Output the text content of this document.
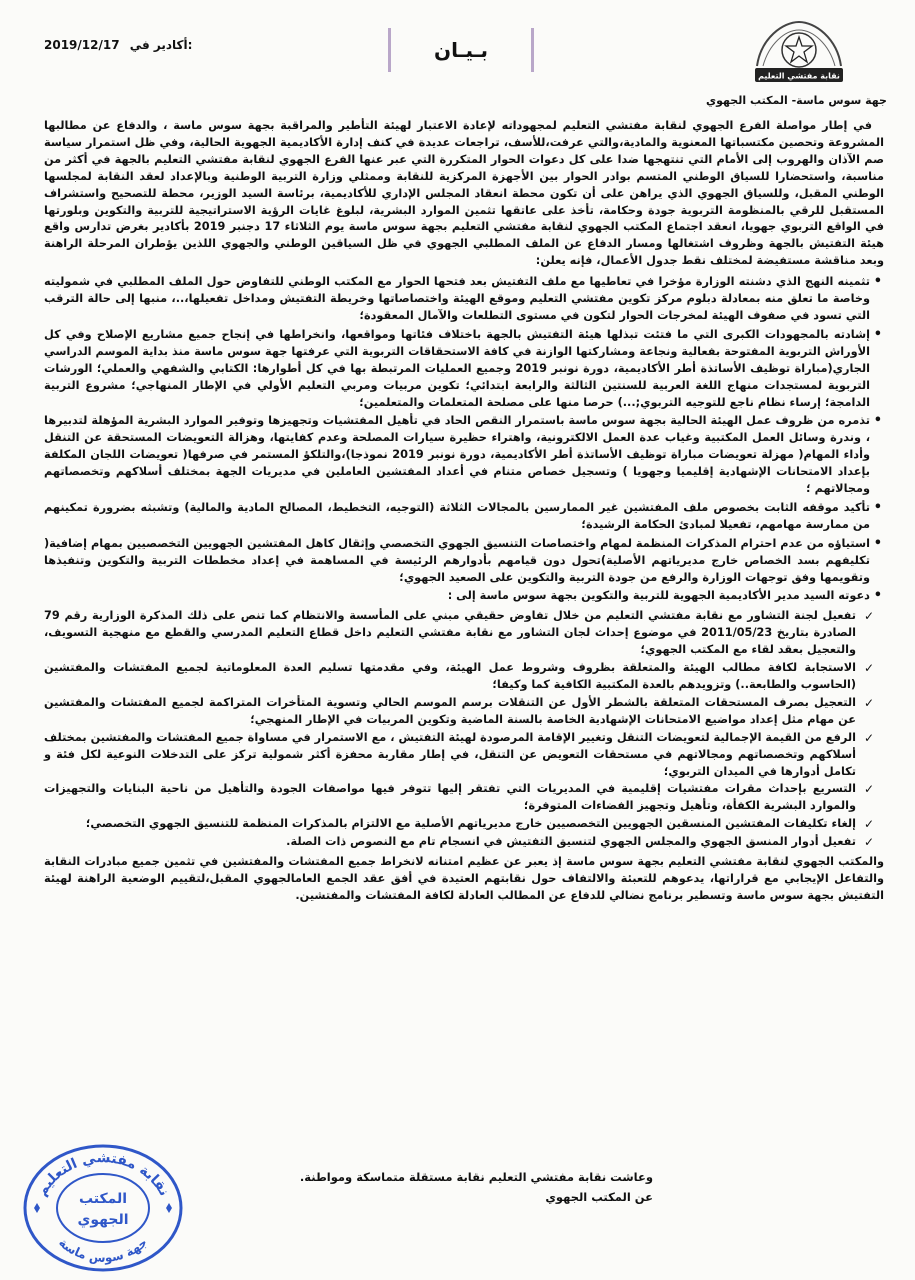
2019/12/17 أكادير في:	بـيـان
نقابة مفتشي التعليم
جهة سوس ماسة- المكتب الجهوي

في إطار مواصلة الفرع الجهوي لنقابة مفتشي التعليم لمجهوداته لإعادة الاعتبار لهيئة التأطير والمراقبة بجهة سوس ماسة ، والدفاع عن مطالبها المشروعة وتحصين مكتسباتها المعنوية والمادية،والتي عرفت،للأسف، تراجعات عديدة في كنف إدارة الأكاديمية الجهوية الحالية، وفي ظل استمرار سياسة صم الآذان والهروب إلى الأمام التي تنتهجها ضدا على كل دعوات الحوار المتكررة التي عبر عنها الفرع الجهوي لنقابة مفتشي التعليم بالجهة في أكثر من مناسبة، واستحضارا للسياق الوطني المتسم بوادر الحوار بين الأجهزة المركزية للنقابة وممثلي وزارة التربية الوطنية وبالإعداد لعقد النقابة لمجلسها الوطني المقبل، وللسياق الجهوي الذي يراهن على أن تكون محطة انعقاد المجلس الإداري للأكاديمية، برئاسة السيد الوزير، محطة للتصحيح واستشراف المستقبل للرقي بالمنظومة التربوية جودة وحكامة، تأخذ على عاتقها تثمين الموارد البشرية، لبلوغ غايات الرؤية الاستراتيجية للتربية والتكوين وبلورتها في الواقع التربوي جهويا، انعقد اجتماع المكتب الجهوي لنقابة مفتشي التعليم بجهة سوس ماسة يوم الثلاثاء 17 دجنبر 2019 بأكادير بغرض تدارس واقع هيئة التفتيش بالجهة وظروف اشتغالها ومسار الدفاع عن الملف المطلبي الجهوي في ظل السياقين الوطني والجهوي اللذين يؤطران المرحلة الراهنة وبعد مناقشة مستفيضة لمختلف نقط جدول الأعمال، فإنه يعلن:

• تثمينه النهج الذي دشنته الوزارة مؤخرا في تعاطيها مع ملف التفتيش بعد فتحها الحوار مع المكتب الوطني للتفاوض حول الملف المطلبي في شموليته وخاصة ما تعلق منه بمعادلة دبلوم مركز تكوين مفتشي التعليم وموقع الهيئة واختصاصاتها وخريطة التفتيش ومداخل تفعيلها،..، منبها إلى حالة الترقب التي تسود في صفوف الهيئة لمخرجات الحوار لتكون في مستوى التطلعات والآمال المعقودة؛
• إشادته بالمجهودات الكبرى التي ما فتئت تبذلها هيئة التفتيش بالجهة باختلاف فئاتها ومواقعها، وانخراطها في إنجاح جميع مشاريع الإصلاح وفي كل الأوراش التربوية المفتوحة بفعالية ونجاعة ومشاركتها الوازنة في كافة الاستحقاقات التربوية التي عرفتها جهة سوس ماسة منذ بداية الموسم الدراسي الجاري(مباراة توظيف الأساتذة أطر الأكاديمية، دورة نونبر 2019 وجميع العمليات المرتبطة بها في كل أطوارها: الكتابي والشفهي والعملي؛ الورشات التربوية لمستجدات منهاج اللغة العربية للسنتين الثالثة والرابعة ابتدائي؛ تكوين مربيات ومربي التعليم الأولي في الإطار المنهاجي؛ مشروع التربية الدامجة؛ إرساء نظام ناجع للتوجيه التربوي;...) حرصا منها على مصلحة المتعلمات والمتعلمين؛
• تذمره من ظروف عمل الهيئة الحالية بجهة سوس ماسة باستمرار النقص الحاد في تأهيل المفتشيات وتجهيزها وتوفير الموارد البشرية المؤهلة لتدبيرها ، وندرة وسائل العمل المكتبية وغياب عدة العمل الالكترونية، واهتراء حظيرة سيارات المصلحة وعدم كفايتها، وهزالة التعويضات المستحقة عن التنقل وأداء المهام( مهزلة تعويضات مباراة توظيف الأساتذة أطر الأكاديمية، دورة نونبر 2019 نموذجا)،والتلكؤ المستمر في صرفها( تعويضات اللجان المكلفة بإعداد الامتحانات الإشهادية إقليميا وجهويا ) وتسجيل خصاص متنام في أعداد المفتشين العاملين في مديريات الجهة بمختلف أسلاكهم وتخصصاتهم ومجالاتهم ؛
• تأكيد موقفه الثابت بخصوص ملف المفتشين غير الممارسين بالمجالات الثلاثة (التوجيه، التخطيط، المصالح المادية والمالية) وتشبثه بضرورة تمكينهم من ممارسة مهامهم، تفعيلا لمبادئ الحكامة الرشيدة؛
• استياؤه من عدم احترام المذكرات المنظمة لمهام واختصاصات التنسيق الجهوي التخصصي وإثقال كاهل المفتشين الجهويين التخصصيين بمهام إضافية( تكليفهم بسد الخصاص خارج مديرياتهم الأصلية)تحول دون قيامهم بأدوارهم الرئيسة في المساهمة في إعداد مخططات التربية والتكوين وتنفيذها وتقويمها وفق توجهات الوزارة والرفع من جودة التربية والتكوين على الصعيد الجهوي؛
• دعوته السيد مدير الأكاديمية الجهوية للتربية والتكوين بجهة سوس ماسة إلى :
✓ تفعيل لجنة التشاور مع نقابة مفتشي التعليم من خلال تفاوض حقيقي مبني على المأسسة والانتظام كما تنص على ذلك المذكرة الوزارية رقم 79 الصادرة بتاريخ 2011/05/23 في موضوع إحداث لجان التشاور مع نقابة مفتشي التعليم داخل قطاع التعليم المدرسي والقطع مع منهجية التسويف، والتعجيل بعقد لقاء مع المكتب الجهوي؛
✓ الاستجابة لكافة مطالب الهيئة والمتعلقة بظروف وشروط عمل الهيئة، وفي مقدمتها تسليم العدة المعلوماتية لجميع المفتشات والمفتشين (الحاسوب والطابعة..) وتزويدهم بالعدة المكتبية الكافية كما وكيفا؛
✓ التعجيل بصرف المستحقات المتعلقة بالشطر الأول عن التنقلات برسم الموسم الحالي وتسوية المتأخرات المتراكمة لجميع المفتشات والمفتشين عن مهام مثل إعداد مواضيع الامتحانات الإشهادية الخاصة بالسنة الماضية وتكوين المربيات في الإطار المنهجي؛
✓ الرفع من القيمة الإجمالية لتعويضات التنقل وتغيير الإقامة المرصودة لهيئة التفتيش ، مع الاستمرار في مساواة جميع المفتشات والمفتشين بمختلف أسلاكهم وتخصصاتهم ومجالاتهم في مستحقات التعويض عن التنقل، في إطار مقاربة محفزة أكثر شمولية تركز على التدخلات النوعية لكل فئة و تكامل أدوارها في الميدان التربوي؛
✓ التسريع بإحداث مقرات مفتشيات إقليمية في المديريات التي تفتقر إليها تتوفر فيها مواصفات الجودة والتأهيل من ناحية البنايات والتجهيزات والموارد البشرية الكفأة، وتأهيل وتجهيز الفضاءات المتوفرة؛
✓ إلغاء تكليفات المفتشين المنسقين الجهويين التخصصيين خارج مديرياتهم الأصلية مع الالتزام بالمذكرات المنظمة للتنسيق الجهوي التخصصي؛
✓ تفعيل أدوار المنسق الجهوي والمجلس الجهوي لتنسيق التفتيش في انسجام تام مع النصوص ذات الصلة.

والمكتب الجهوي لنقابة مفتشي التعليم بجهة سوس ماسة إذ يعبر عن عظيم امتنانه لانخراط جميع المفتشات والمفتشين في تثمين جميع مبادرات النقابة والتفاعل الإيجابي مع قراراتها، يدعوهم للتعبئة والالتفاف حول نقابتهم العتيدة في أفق عقد الجمع العامالجهوي المقبل،لتقييم الوضعية الراهنة لهيئة التفتيش بجهة سوس ماسة وتسطير برنامج نضالي للدفاع عن المطالب العادلة لكافة المفتشات والمفتشين.

وعاشت نقابة مفتشي التعليم نقابة مستقلة متماسكة ومواطنة.
عن المكتب الجهوي
نقابة مفتشي التعليم
جهة سوس ماسة
المكتب
الجهوي
